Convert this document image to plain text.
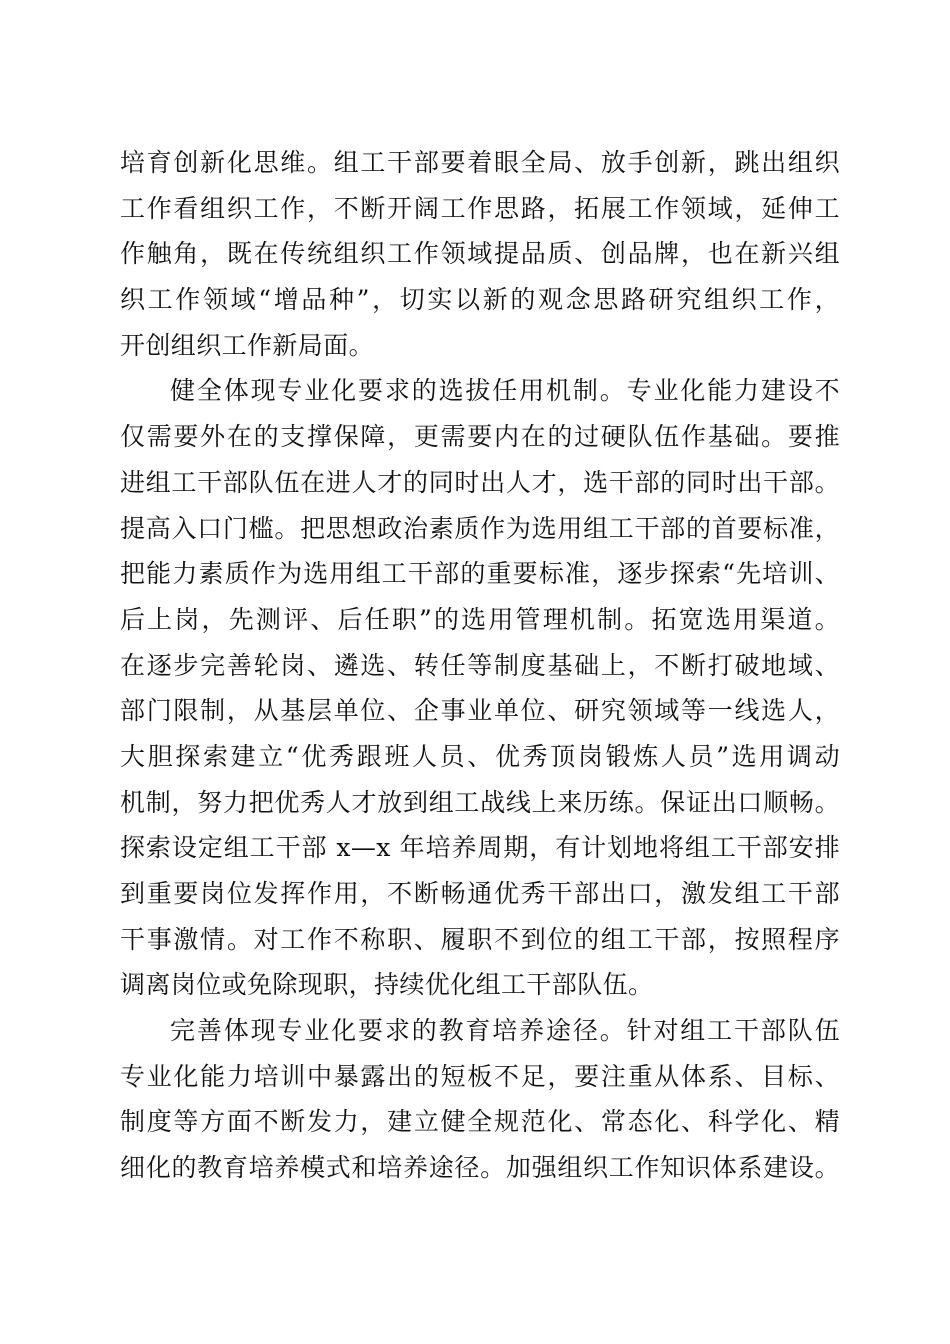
培育创新化思维。组工干部要着眼全局、放手创新，跳出组织
工作看组织工作，不断开阔工作思路，拓展工作领域，延伸工
作触角，既在传统组织工作领域提品质、创品牌，也在新兴组
织工作领域“增品种”，切实以新的观念思路研究组织工作，
开创组织工作新局面。
健全体现专业化要求的选拔任用机制。专业化能力建设不
仅需要外在的支撑保障，更需要内在的过硬队伍作基础。要推
进组工干部队伍在进人才的同时出人才，选干部的同时出干部。
提高入口门槛。把思想政治素质作为选用组工干部的首要标准，
把能力素质作为选用组工干部的重要标准，逐步探索“先培训、
后上岗，先测评、后任职”的选用管理机制。拓宽选用渠道。
在逐步完善轮岗、遴选、转任等制度基础上，不断打破地域、
部门限制，从基层单位、企事业单位、研究领域等一线选人，
大胆探索建立“优秀跟班人员、优秀顶岗锻炼人员”选用调动
机制，努力把优秀人才放到组工战线上来历练。保证出口顺畅。
探索设定组工干部 x—x 年培养周期，有计划地将组工干部安排
到重要岗位发挥作用，不断畅通优秀干部出口，激发组工干部
干事激情。对工作不称职、履职不到位的组工干部，按照程序
调离岗位或免除现职，持续优化组工干部队伍。
完善体现专业化要求的教育培养途径。针对组工干部队伍
专业化能力培训中暴露出的短板不足，要注重从体系、目标、
制度等方面不断发力，建立健全规范化、常态化、科学化、精
细化的教育培养模式和培养途径。加强组织工作知识体系建设。
